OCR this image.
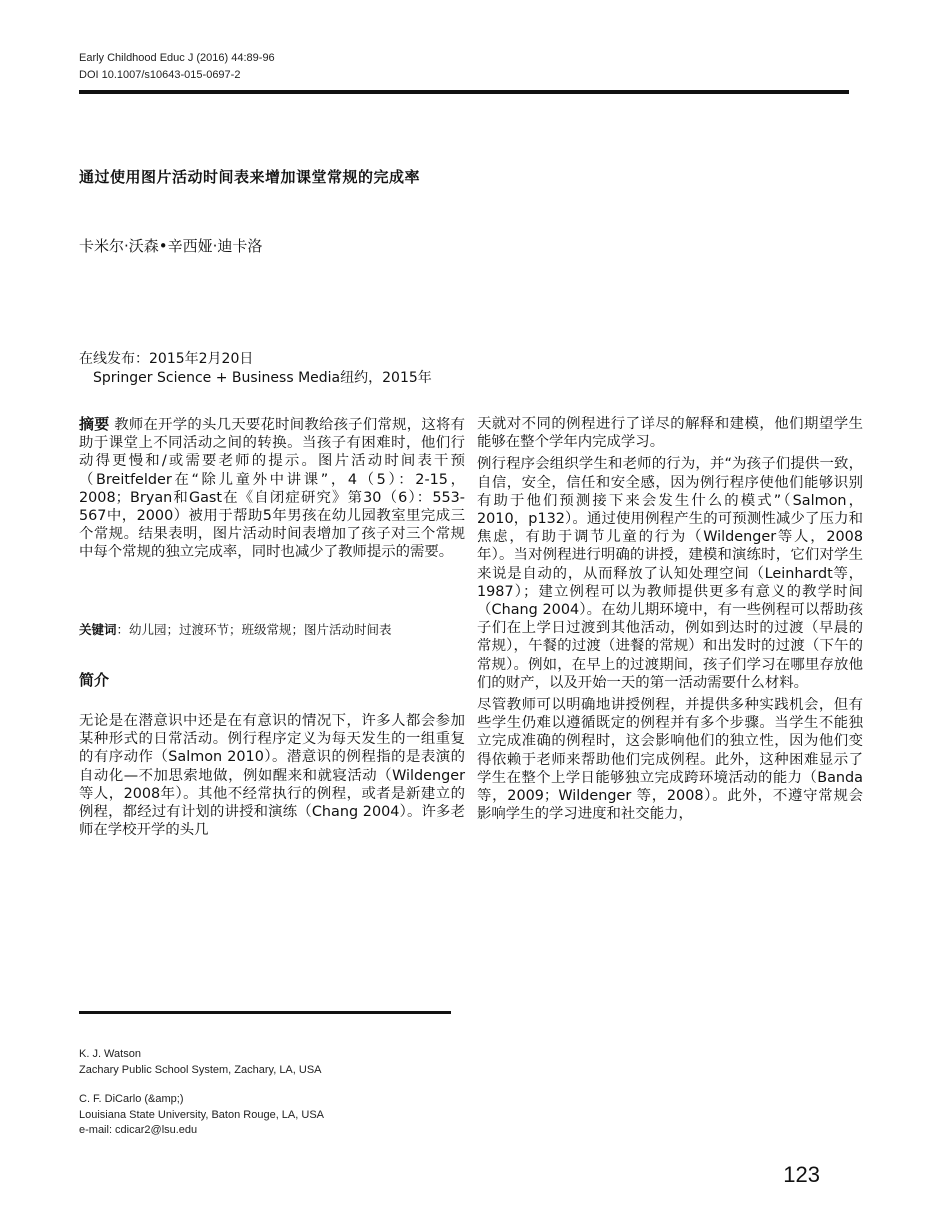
Early Childhood Educ J (2016) 44:89-96
DOI 10.1007/s10643-015-0697-2
通过使用图片活动时间表来增加课堂常规的完成率
卡米尔·沃森•辛西娅·迪卡洛
在线发布：2015年2月20日
Springer Science + Business Media纽约，2015年

摘要 教师在开学的头几天要花时间教给孩子们常规，这将有助于课堂上不同活动之间的转换。当孩子有困难时，他们行动得更慢和/或需要老师的提示。图片活动时间表干预（Breitfelder在“除儿童外中讲课”，4（5）：2-15，2008；Bryan和Gast在《自闭症研究》第30（6）：553-567中，2000）被用于帮助5年男孩在幼儿园教室里完成三个常规。结果表明，图片活动时间表增加了孩子对三个常规中每个常规的独立完成率，同时也减少了教师提示的需要。

关键词：幼儿园；过渡环节；班级常规；图片活动时间表
简介

无论是在潜意识中还是在有意识的情况下，许多人都会参加某种形式的日常活动。例行程序定义为每天发生的一组重复的有序动作（Salmon 2010）。潜意识的例程指的是表演的自动化—不加思索地做，例如醒来和就寝活动（Wildenger等人，2008年）。其他不经常执行的例程，或者是新建立的例程，都经过有计划的讲授和演练（Chang 2004）。许多老师在学校开学的头几

天就对不同的例程进行了详尽的解释和建模，他们期望学生能够在整个学年内完成学习。

例行程序会组织学生和老师的行为，并“为孩子们提供一致，自信，安全，信任和安全感，因为例行程序使他们能够识别有助于他们预测接下来会发生什么的模式”（Salmon，2010，p132）。通过使用例程产生的可预测性减少了压力和焦虑，有助于调节儿童的行为（Wildenger等人，2008年）。当对例程进行明确的讲授，建模和演练时，它们对学生来说是自动的，从而释放了认知处理空间（Leinhardt等，1987）；建立例程可以为教师提供更多有意义的教学时间（Chang 2004）。在幼儿期环境中，有一些例程可以帮助孩子们在上学日过渡到其他活动，例如到达时的过渡（早晨的常规），午餐的过渡（进餐的常规）和出发时的过渡（下午的常规）。例如，在早上的过渡期间，孩子们学习在哪里存放他们的财产，以及开始一天的第一活动需要什么材料。

尽管教师可以明确地讲授例程，并提供多种实践机会，但有些学生仍难以遵循既定的例程并有多个步骤。当学生不能独立完成准确的例程时，这会影响他们的独立性，因为他们变得依赖于老师来帮助他们完成例程。此外，这种困难显示了学生在整个上学日能够独立完成跨环境活动的能力（Banda 等，2009；Wildenger 等，2008）。此外，不遵守常规会影响学生的学习进度和社交能力，

K. J. Watson
Zachary Public School System, Zachary, LA, USA
C. F. DiCarlo (&amp;)
Louisiana State University, Baton Rouge, LA, USA
e-mail: cdicar2@lsu.edu
123
